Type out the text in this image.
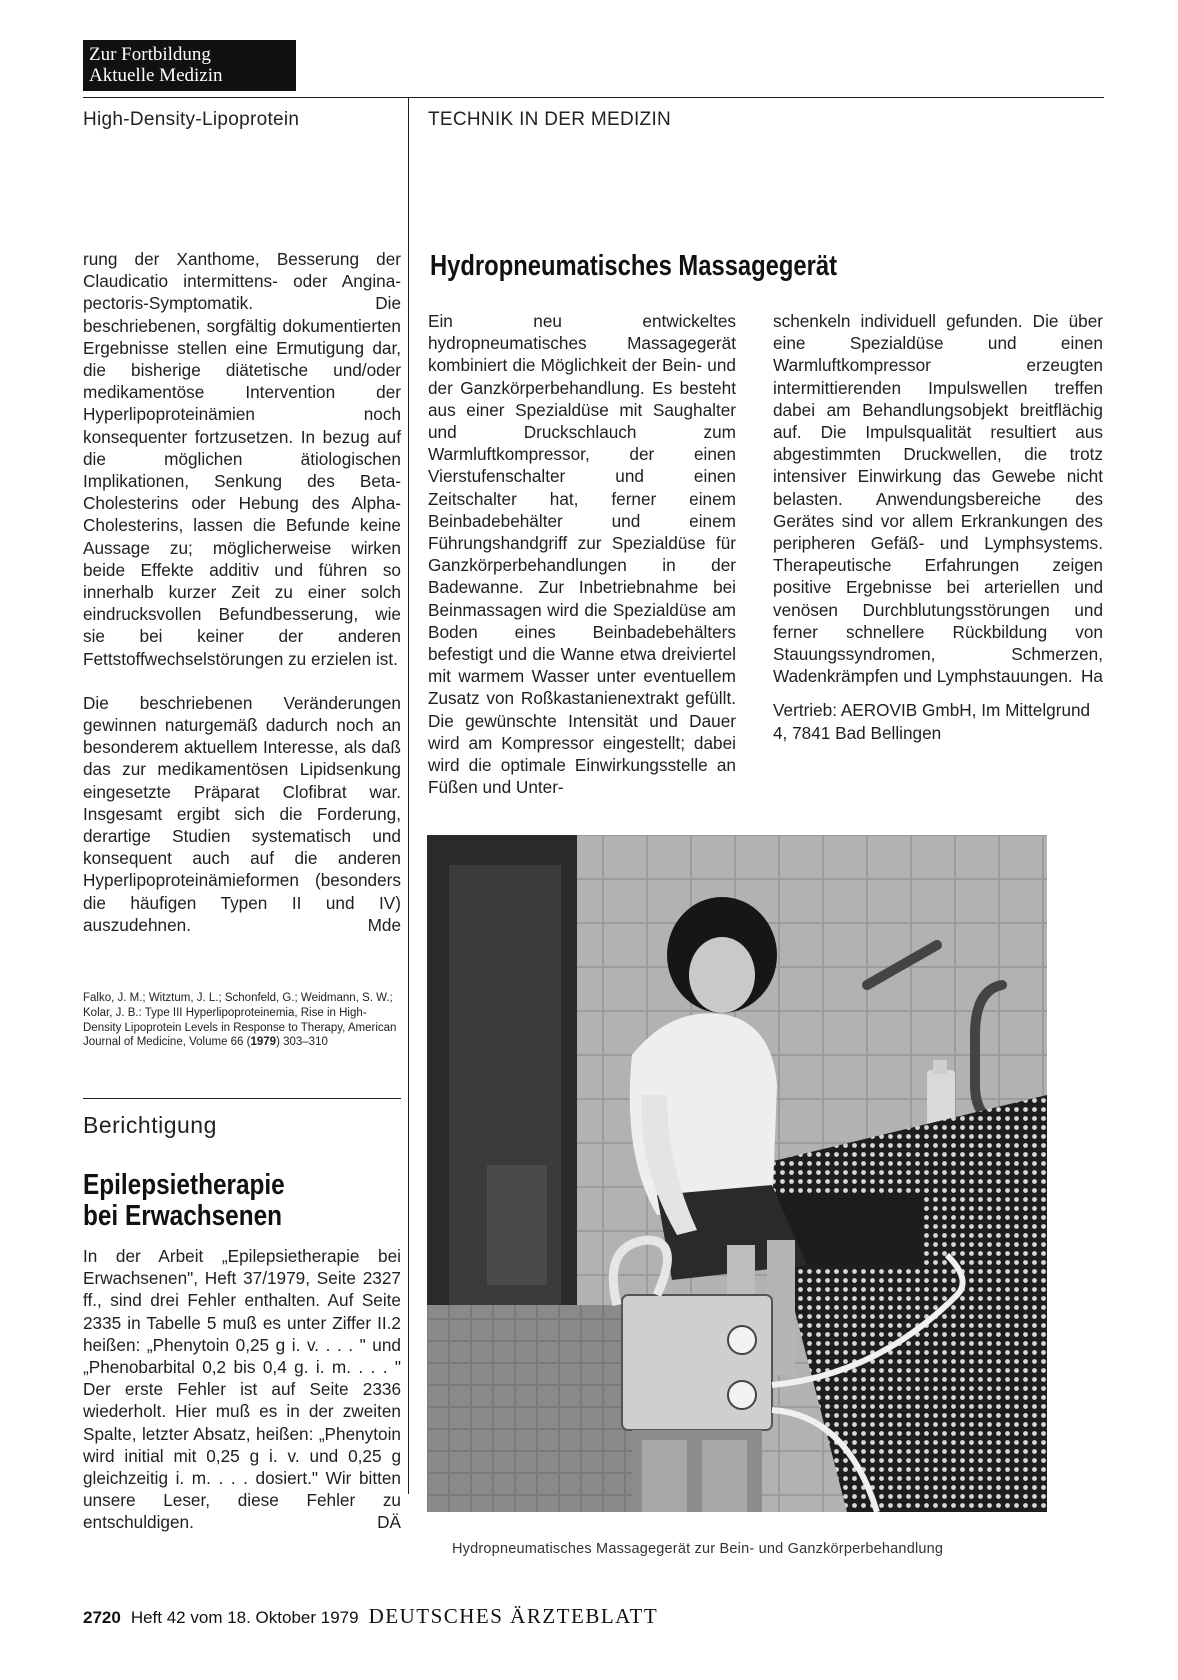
Zur Fortbildung
Aktuelle Medizin
High-Density-Lipoprotein	TECHNIK IN DER MEDIZIN

rung der Xanthome, Besserung der Claudicatio intermittens- oder Angina-pectoris-Symptomatik. Die beschriebenen, sorgfältig dokumentierten Ergebnisse stellen eine Ermutigung dar, die bisherige diätetische und/oder medikamentöse Intervention der Hyperlipoproteinämien noch konsequenter fortzusetzen. In bezug auf die möglichen ätiologischen Implikationen, Senkung des Beta-Cholesterins oder Hebung des Alpha-Cholesterins, lassen die Befunde keine Aussage zu; möglicherweise wirken beide Effekte additiv und führen so innerhalb kurzer Zeit zu einer solch eindrucksvollen Befundbesserung, wie sie bei keiner der anderen Fettstoffwechselstörungen zu erzielen ist.

Die beschriebenen Veränderungen gewinnen naturgemäß dadurch noch an besonderem aktuellem Interesse, als daß das zur medikamentösen Lipidsenkung eingesetzte Präparat Clofibrat war. Insgesamt ergibt sich die Forderung, derartige Studien systematisch und konsequent auch auf die anderen Hyperlipoproteinämieformen (besonders die häufigen Typen II und IV) auszudehnen.	Mde

Falko, J. M.; Witztum, J. L.; Schonfeld, G.; Weidmann, S. W.; Kolar, J. B.: Type III Hyperlipoproteinemia, Rise in High-Density Lipoprotein Levels in Response to Therapy, American Journal of Medicine, Volume 66 (1979) 303–310
Berichtigung
Epilepsietherapie
bei Erwachsenen

In der Arbeit „Epilepsietherapie bei Erwachsenen", Heft 37/1979, Seite 2327 ff., sind drei Fehler enthalten. Auf Seite 2335 in Tabelle 5 muß es unter Ziffer II.2 heißen: „Phenytoin 0,25 g i. v. . . . " und „Phenobarbital 0,2 bis 0,4 g. i. m. . . . " Der erste Fehler ist auf Seite 2336 wiederholt. Hier muß es in der zweiten Spalte, letzter Absatz, heißen: „Phenytoin wird initial mit 0,25 g i. v. und 0,25 g gleichzeitig i. m. . . . dosiert." Wir bitten unsere Leser, diese Fehler zu entschuldigen.	DÄ

Hydropneumatisches Massagegerät

Ein neu entwickeltes hydropneumatisches Massagegerät kombiniert die Möglichkeit der Bein- und der Ganzkörperbehandlung. Es besteht aus einer Spezialdüse mit Saughalter und Druckschlauch zum Warmluftkompressor, der einen Vierstufenschalter und einen Zeitschalter hat, ferner einem Beinbadebehälter und einem Führungshandgriff zur Spezialdüse für Ganzkörperbehandlungen in der Badewanne. Zur Inbetriebnahme bei Beinmassagen wird die Spezialdüse am Boden eines Beinbadebehälters befestigt und die Wanne etwa dreiviertel mit warmem Wasser unter eventuellem Zusatz von Roßkastanienextrakt gefüllt. Die gewünschte Intensität und Dauer wird am Kompressor eingestellt; dabei wird die optimale Einwirkungsstelle an Füßen und Unter-

schenkeln individuell gefunden. Die über eine Spezialdüse und einen Warmluftkompressor erzeugten intermittierenden Impulswellen treffen dabei am Behandlungsobjekt breitflächig auf. Die Impulsqualität resultiert aus abgestimmten Druckwellen, die trotz intensiver Einwirkung das Gewebe nicht belasten. Anwendungsbereiche des Gerätes sind vor allem Erkrankungen des peripheren Gefäß- und Lymphsystems. Therapeutische Erfahrungen zeigen positive Ergebnisse bei arteriellen und venösen Durchblutungsstörungen und ferner schnellere Rückbildung von Stauungssyndromen, Schmerzen, Wadenkrämpfen und Lymphstauungen. Ha

Vertrieb: AEROVIB GmbH, Im Mittelgrund 4, 7841 Bad Bellingen

Hydropneumatisches Massagegerät zur Bein- und Ganzkörperbehandlung
2720 Heft 42 vom 18. Oktober 1979 DEUTSCHES ÄRZTEBLATT
